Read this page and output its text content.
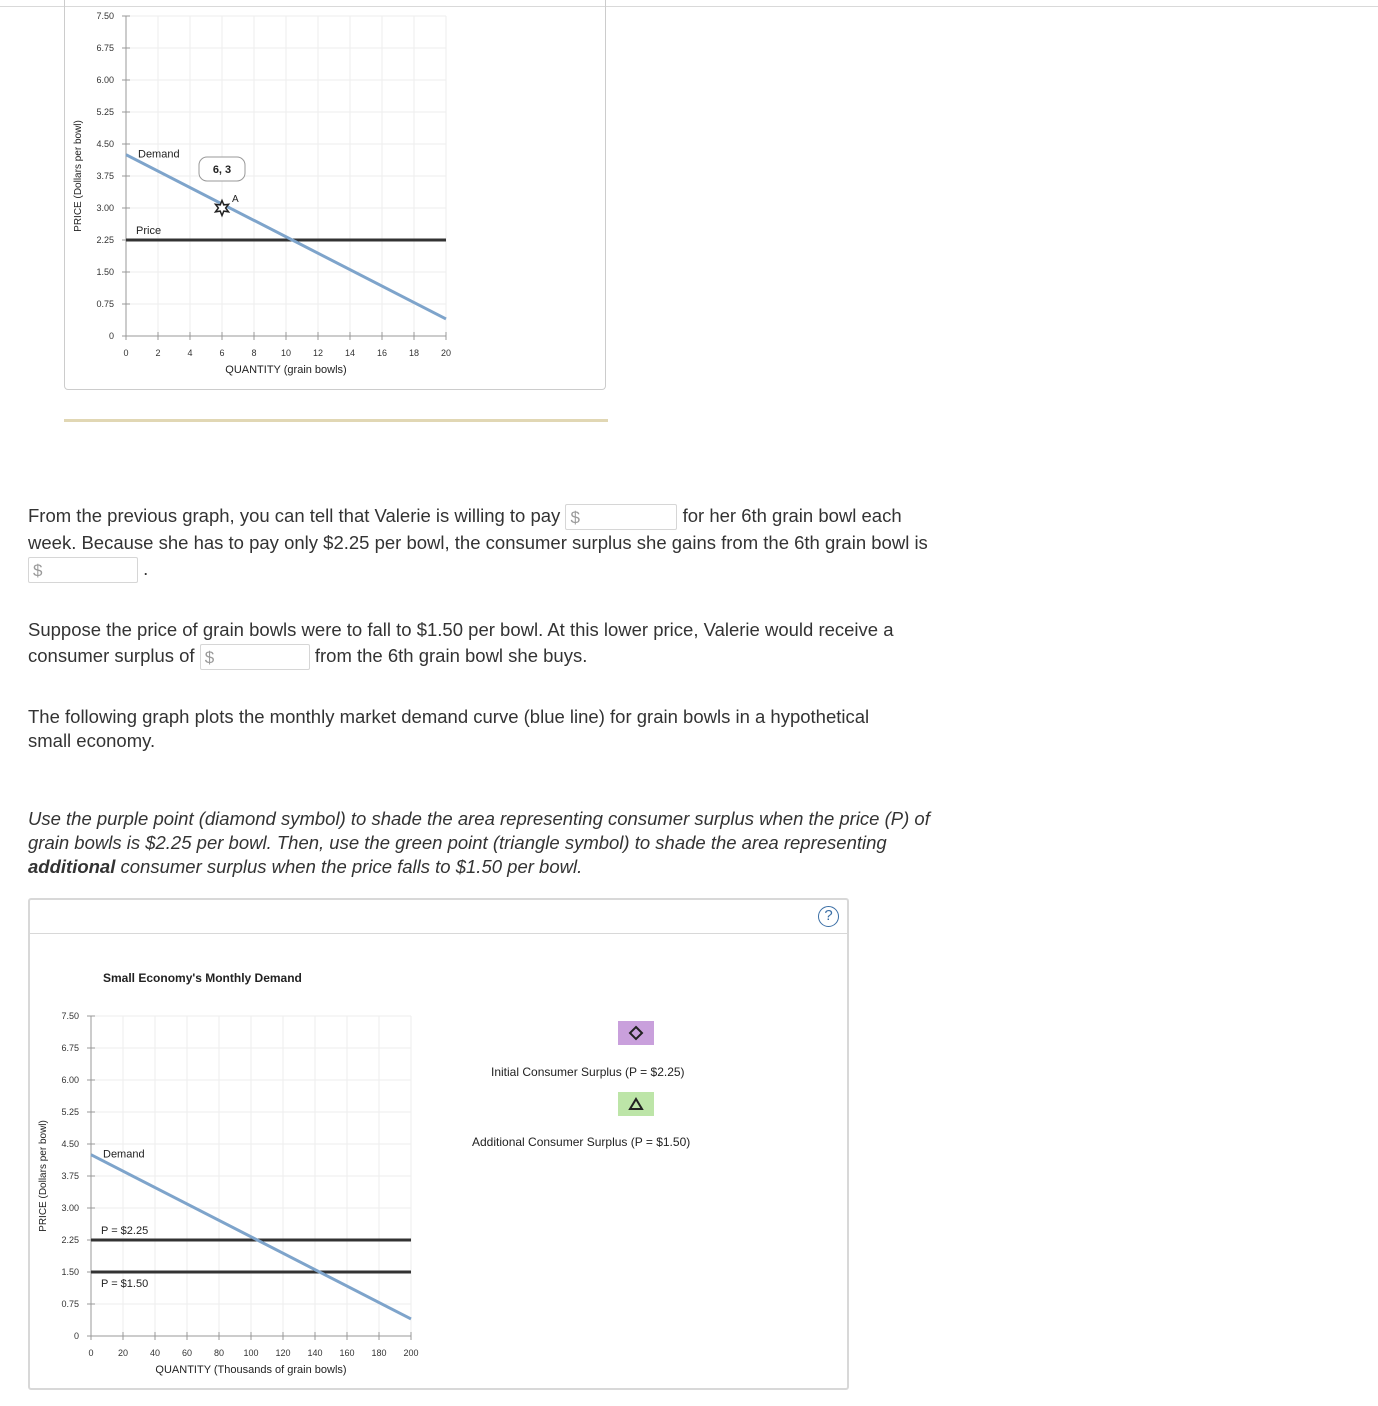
7.50
6.75
6.00
5.25
4.50
3.75
3.00
2.25
1.50
0.75
0
0	2	4	6	8	10 12 14 16 18 20
QUANTITY (grain bowls)
PRICE (Dollars per bowl)	Demand
Price
A
6, 3
From the previous graph, you can tell that Valerie is willing to pay $	for her 6th grain bowl each week. Because she has to pay only $2.25 per bowl, the consumer surplus she gains from the 6th grain bowl is
$	.
Suppose the price of grain bowls were to fall to $1.50 per bowl. At this lower price, Valerie would receive a consumer surplus of $	from the 6th grain bowl she buys.
The following graph plots the monthly market demand curve (blue line) for grain bowls in a hypothetical small economy.
Use the purple point (diamond symbol) to shade the area representing consumer surplus when the price (P) of grain bowls is $2.25 per bowl. Then, use the green point (triangle symbol) to shade the area representing additional consumer surplus when the price falls to $1.50 per bowl.
?
Small Economy's Monthly Demand
7.50
6.75
6.00
5.25
4.50
3.75
3.00
2.25
1.50
0.75
0
0	20 40 60 80 100 120 140 160 180 200
QUANTITY (Thousands of grain bowls)
PRICE (Dollars per bowl)	Demand
P = $2.25
P = $1.50
Initial Consumer Surplus (P = $2.25)
Additional Consumer Surplus (P = $1.50)
